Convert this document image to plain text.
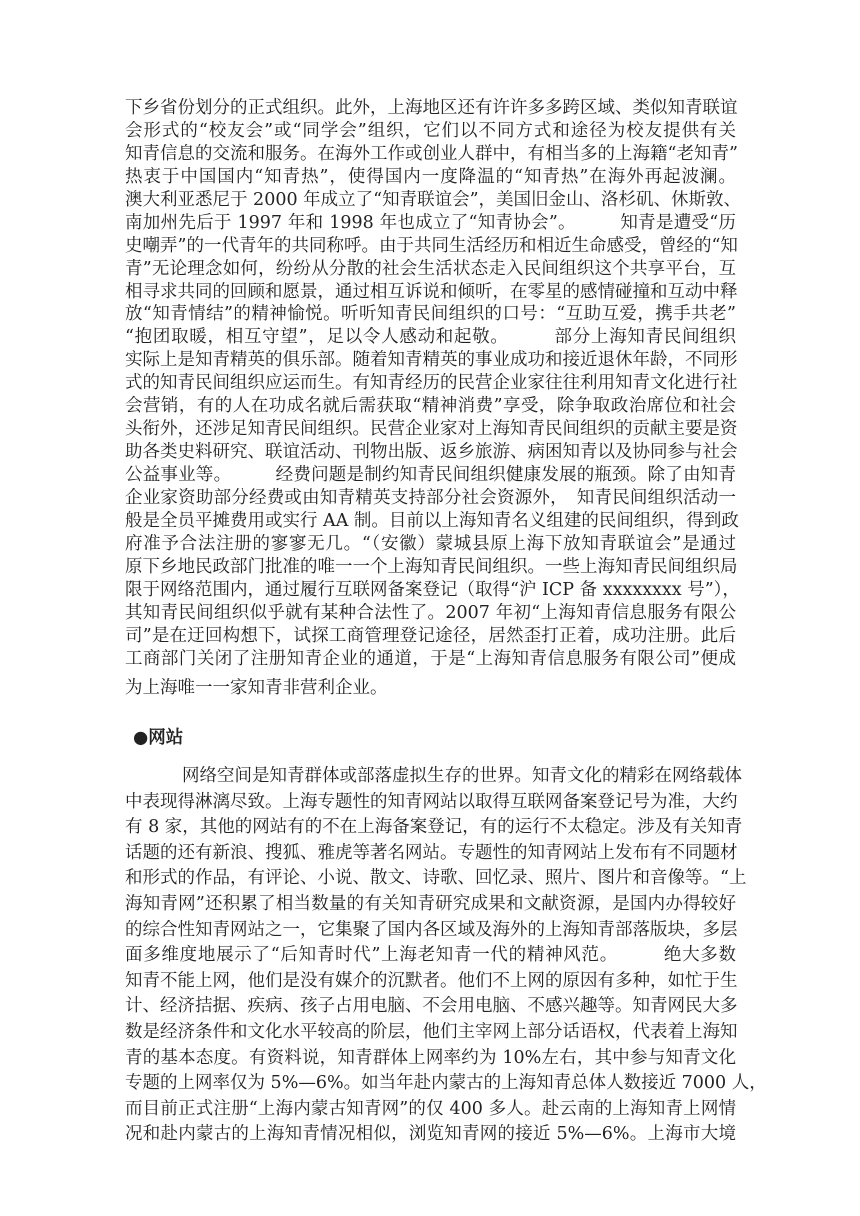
下乡省份划分的正式组织。此外，上海地区还有许许多多跨区域、类似知青联谊
会形式的“校友会”或“同学会”组织，它们以不同方式和途径为校友提供有关
知青信息的交流和服务。在海外工作或创业人群中，有相当多的上海籍“老知青”
热衷于中国国内“知青热”，使得国内一度降温的“知青热”在海外再起波澜。
澳大利亚悉尼于 2000 年成立了“知青联谊会”，美国旧金山、洛杉矶、休斯敦、
南加州先后于 1997 年和 1998 年也成立了“知青协会”。　　　知青是遭受“历
史嘲弄”的一代青年的共同称呼。由于共同生活经历和相近生命感受，曾经的“知
青”无论理念如何，纷纷从分散的社会生活状态走入民间组织这个共享平台，互
相寻求共同的回顾和愿景，通过相互诉说和倾听，在零星的感情碰撞和互动中释
放“知青情结”的精神愉悦。听听知青民间组织的口号：“互助互爱，携手共老”
“抱团取暖，相互守望”，足以令人感动和起敬。　　　部分上海知青民间组织
实际上是知青精英的俱乐部。随着知青精英的事业成功和接近退休年龄，不同形
式的知青民间组织应运而生。有知青经历的民营企业家往往利用知青文化进行社
会营销，有的人在功成名就后需获取“精神消费”享受，除争取政治席位和社会
头衔外，还涉足知青民间组织。民营企业家对上海知青民间组织的贡献主要是资
助各类史料研究、联谊活动、刊物出版、返乡旅游、病困知青以及协同参与社会
公益事业等。　　　经费问题是制约知青民间组织健康发展的瓶颈。除了由知青
企业家资助部分经费或由知青精英支持部分社会资源外，　知青民间组织活动一
般是全员平摊费用或实行 AA 制。目前以上海知青名义组建的民间组织，得到政
府准予合法注册的寥寥无几。“（安徽）蒙城县原上海下放知青联谊会”是通过
原下乡地民政部门批准的唯一一个上海知青民间组织。一些上海知青民间组织局
限于网络范围内，通过履行互联网备案登记（取得“沪 ICP 备 xxxxxxxx 号”），
其知青民间组织似乎就有某种合法性了。2007 年初“上海知青信息服务有限公
司”是在迂回构想下，试探工商管理登记途径，居然歪打正着，成功注册。此后
工商部门关闭了注册知青企业的通道，于是“上海知青信息服务有限公司”便成
为上海唯一一家知青非营利企业。
●网站
网络空间是知青群体或部落虚拟生存的世界。知青文化的精彩在网络载体
中表现得淋漓尽致。上海专题性的知青网站以取得互联网备案登记号为准，大约
有 8 家，其他的网站有的不在上海备案登记，有的运行不太稳定。涉及有关知青
话题的还有新浪、搜狐、雅虎等著名网站。专题性的知青网站上发布有不同题材
和形式的作品，有评论、小说、散文、诗歌、回忆录、照片、图片和音像等。“上
海知青网”还积累了相当数量的有关知青研究成果和文献资源，是国内办得较好
的综合性知青网站之一，它集聚了国内各区域及海外的上海知青部落版块，多层
面多维度地展示了“后知青时代”上海老知青一代的精神风范。　　　绝大多数
知青不能上网，他们是没有媒介的沉默者。他们不上网的原因有多种，如忙于生
计、经济拮据、疾病、孩子占用电脑、不会用电脑、不感兴趣等。知青网民大多
数是经济条件和文化水平较高的阶层，他们主宰网上部分话语权，代表着上海知
青的基本态度。有资料说，知青群体上网率约为 10%左右，其中参与知青文化
专题的上网率仅为 5%—6%。如当年赴内蒙古的上海知青总体人数接近 7000 人，
而目前正式注册“上海内蒙古知青网”的仅 400 多人。赴云南的上海知青上网情
况和赴内蒙古的上海知青情况相似，浏览知青网的接近 5%—6%。上海市大境
